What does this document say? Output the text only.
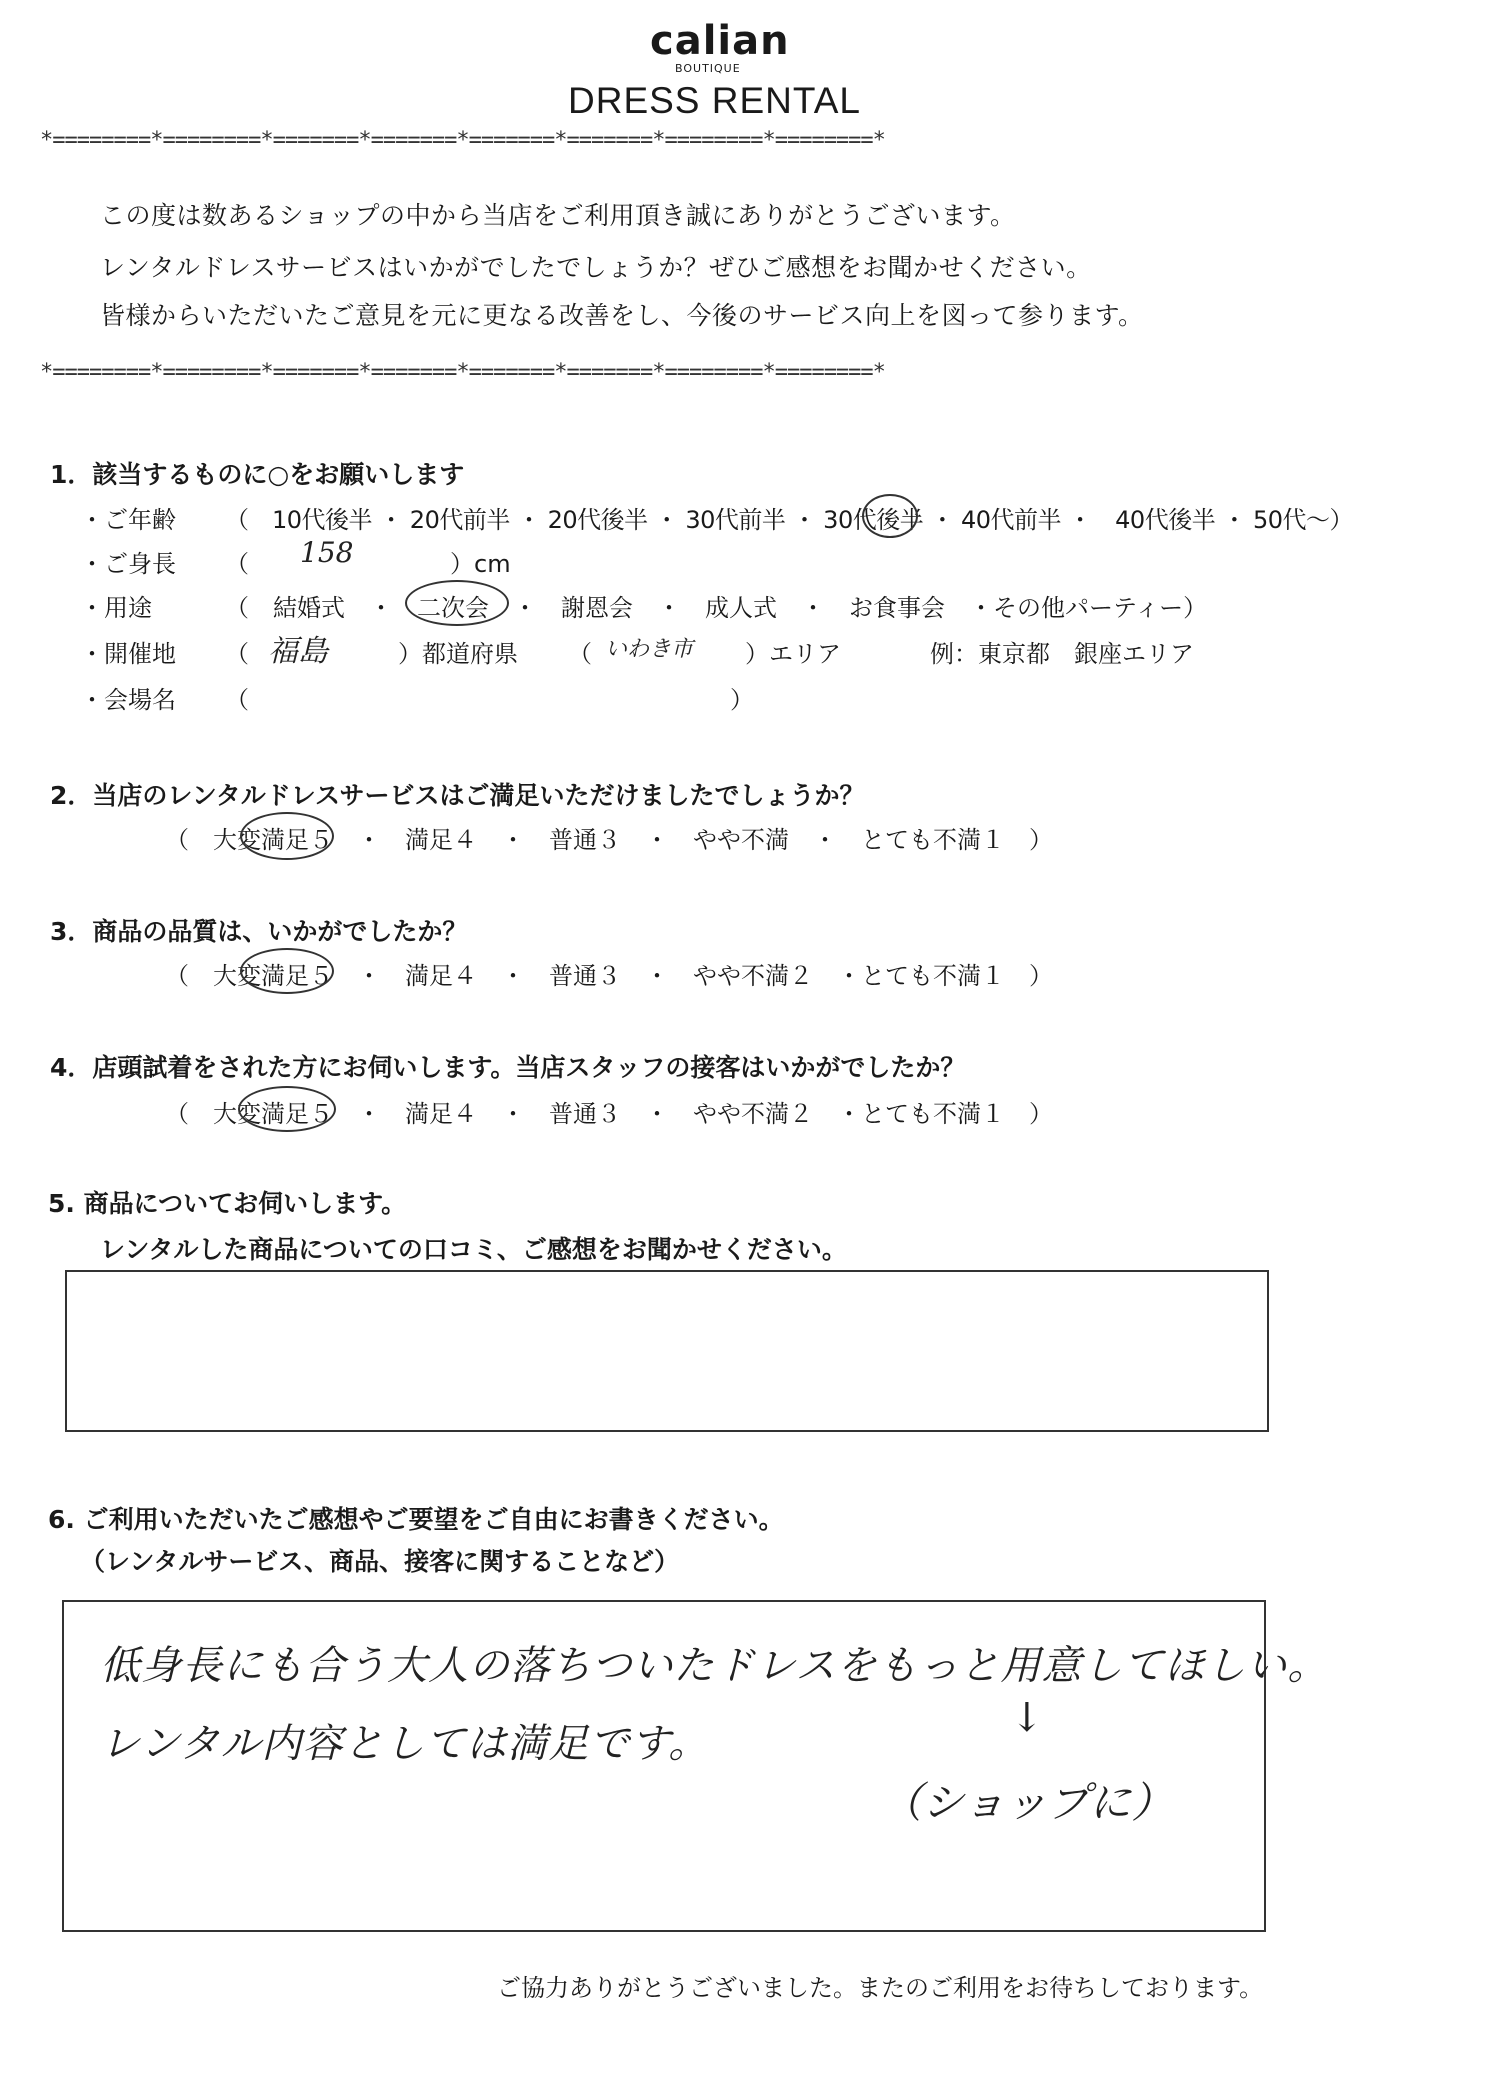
calian
BOUTIQUE
DRESS RENTAL
*========*========*=======*=======*=======*=======*========*========*
*========*========*=======*=======*=======*=======*========*========*
この度は数あるショップの中から当店をご利用頂き誠にありがとうございます。
レンタルドレスサービスはいかがでしたでしょうか？ぜひご感想をお聞かせください。
皆様からいただいたご意見を元に更なる改善をし、今後のサービス向上を図って参ります。
1．該当するものに○をお願いします
・ご年齢 （　10代後半 ・ 20代前半 ・ 20代後半 ・ 30代前半 ・ 30代後半 ・ 40代前半 ・　40代後半 ・ 50代～）
・ご身長 （ 158	）cm
・用途	（　結婚式　・　二次会　・　謝恩会　・　成人式　・　お食事会　・その他パーティー）
・開催地 （ 福島	）都道府県 （ いわき市 ）エリア	例：東京都　銀座エリア
・会場名 （	）
2．当店のレンタルドレスサービスはご満足いただけましたでしょうか？
（　大変満足５　・　満足４　・　普通３　・　やや不満　・　とても不満１　）
3．商品の品質は、いかがでしたか？
（　大変満足５　・　満足４　・　普通３　・　やや不満２　・とても不満１　）
4．店頭試着をされた方にお伺いします。当店スタッフの接客はいかがでしたか？
（　大変満足５　・　満足４　・　普通３　・　やや不満２　・とても不満１　）
5. 商品についてお伺いします。
レンタルした商品についての口コミ、ご感想をお聞かせください。
6. ご利用いただいたご感想やご要望をご自由にお書きください。
（レンタルサービス、商品、接客に関することなど）
低身長にも合う大人の落ちついたドレスをもっと用意してほしい。
レンタル内容としては満足です。
↓
（ショップに）
ご協力ありがとうございました。またのご利用をお待ちしております。
